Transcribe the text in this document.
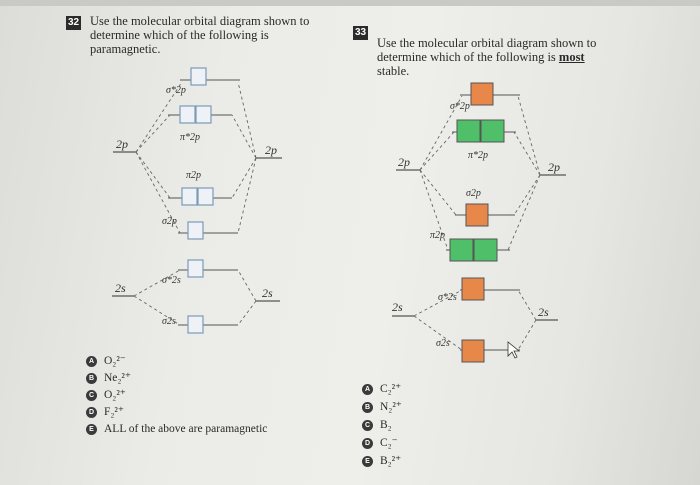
32 Use the molecular orbital diagram shown to determine which of the following is paramagnetic.
33
Use the molecular orbital diagram shown to determine which of the following is most stable.
2p	2p
2s	2s
σ*2p
π*2p
π2p
σ2p
σ*2s
σ2s
2p	2p
2s	2s
σ*2p
π*2p
σ2p
π2p
σ*2s
σ2s
A O₂²⁻
B Ne₂²⁺
C O₂²⁺
D F₂²⁺
E ALL of the above are paramagnetic
A C₂²⁺
B N₂²⁺
C B₂
D C₂⁻
E B₂²⁺
